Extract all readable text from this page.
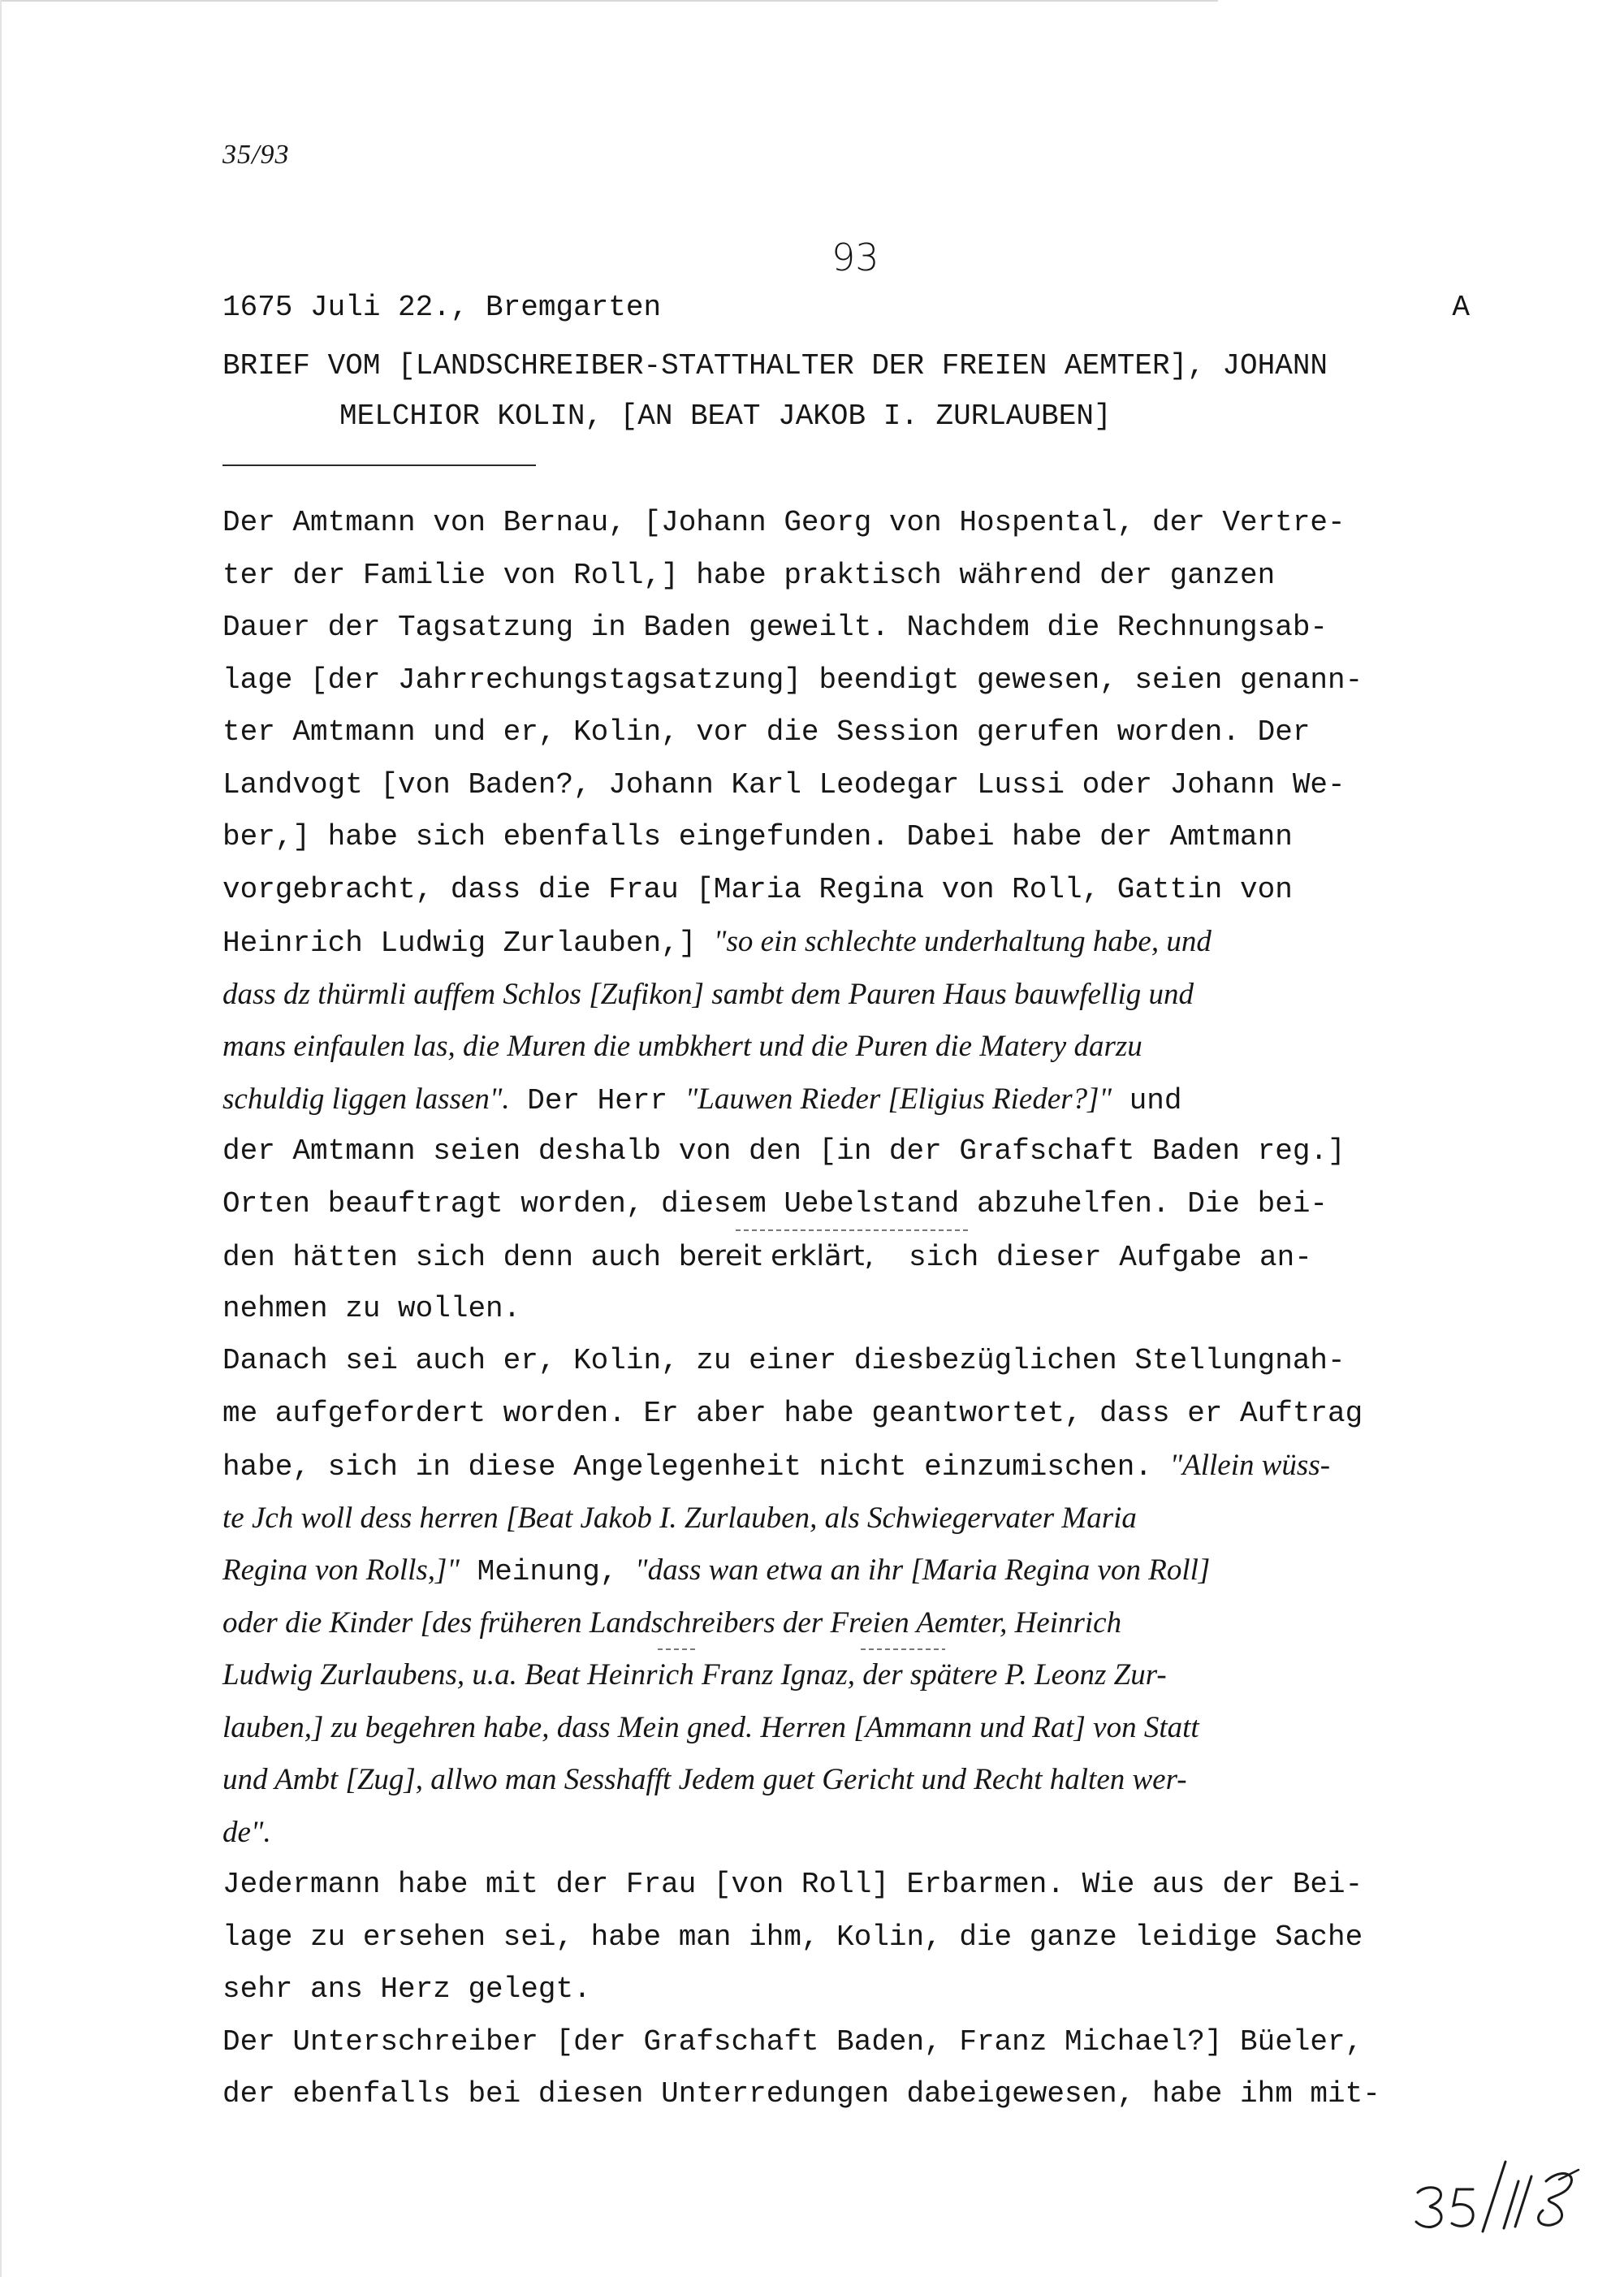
35/93
93
1675 Juli 22., Bremgarten	A
BRIEF VOM [LANDSCHREIBER-STATTHALTER DER FREIEN AEMTER], JOHANN
MELCHIOR KOLIN, [AN BEAT JAKOB I. ZURLAUBEN]
Der Amtmann von Bernau, [Johann Georg von Hospental, der Vertre-
ter der Familie von Roll,] habe praktisch während der ganzen
Dauer der Tagsatzung in Baden geweilt. Nachdem die Rechnungsab-
lage [der Jahrrechungstagsatzung] beendigt gewesen, seien genann-
ter Amtmann und er, Kolin, vor die Session gerufen worden. Der
Landvogt [von Baden?, Johann Karl Leodegar Lussi oder Johann We-
ber,] habe sich ebenfalls eingefunden. Dabei habe der Amtmann
vorgebracht, dass die Frau [Maria Regina von Roll, Gattin von
Heinrich Ludwig Zurlauben,] "so ein schlechte underhaltung habe, und
dass dz thürmli auffem Schlos [Zufikon] sambt dem Pauren Haus bauwfellig und
mans einfaulen las, die Muren die umbkhert und die Puren die Matery darzu
schuldig liggen lassen". Der Herr "Lauwen Rieder [Eligius Rieder?]" und
der Amtmann seien deshalb von den [in der Grafschaft Baden reg.]
Orten beauftragt worden, diesem Uebelstand abzuhelfen. Die bei-
den hätten sich denn auch bereit erklärt,  sich dieser Aufgabe an-
nehmen zu wollen.
Danach sei auch er, Kolin, zu einer diesbezüglichen Stellungnah-
me aufgefordert worden. Er aber habe geantwortet, dass er Auftrag
habe, sich in diese Angelegenheit nicht einzumischen. "Allein wüss-
te Jch woll dess herren [Beat Jakob I. Zurlauben, als Schwiegervater Maria
Regina von Rolls,]" Meinung, "dass wan etwa an ihr [Maria Regina von Roll]
oder die Kinder [des früheren Landschreibers der Freien Aemter, Heinrich
Ludwig Zurlaubens, u.a. Beat Heinrich Franz Ignaz, der spätere P. Leonz Zur-
lauben,] zu begehren habe, dass Mein gned. Herren [Ammann und Rat] von Statt
und Ambt [Zug], allwo man Sesshafft Jedem guet Gericht und Recht halten wer-
de".
Jedermann habe mit der Frau [von Roll] Erbarmen. Wie aus der Bei-
lage zu ersehen sei, habe man ihm, Kolin, die ganze leidige Sache
sehr ans Herz gelegt.
Der Unterschreiber [der Grafschaft Baden, Franz Michael?] Büeler,
der ebenfalls bei diesen Unterredungen dabeigewesen, habe ihm mit-
